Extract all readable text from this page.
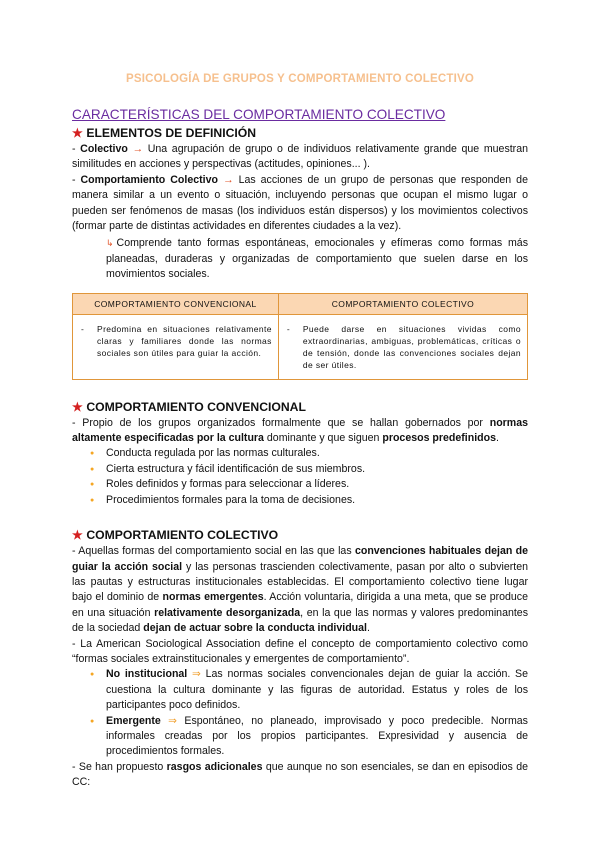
PSICOLOGÍA DE GRUPOS Y COMPORTAMIENTO COLECTIVO
CARACTERÍSTICAS DEL COMPORTAMIENTO COLECTIVO
★ ELEMENTOS DE DEFINICIÓN

- Colectivo → Una agrupación de grupo o de individuos relativamente grande que muestran similitudes en acciones y perspectivas (actitudes, opiniones... ).

- Comportamiento Colectivo → Las acciones de un grupo de personas que responden de manera similar a un evento o situación, incluyendo personas que ocupan el mismo lugar o pueden ser fenómenos de masas (los individuos están dispersos) y los movimientos colectivos (formar parte de distintas actividades en diferentes ciudades a la vez).

↳ Comprende tanto formas espontáneas, emocionales y efímeras como formas más planeadas, duraderas y organizadas de comportamiento que suelen darse en los movimientos sociales.

COMPORTAMIENTO CONVENCIONAL	COMPORTAMIENTO COLECTIVO

- Predomina en situaciones relativamente claras y familiares donde las normas sociales son útiles para guiar la acción.	- Puede darse en situaciones vividas como extraordinarias, ambiguas, problemáticas, críticas o de tensión, donde las convenciones sociales dejan de ser útiles.
★ COMPORTAMIENTO CONVENCIONAL

- Propio de los grupos organizados formalmente que se hallan gobernados por normas altamente especificadas por la cultura dominante y que siguen procesos predefinidos.

● Conducta regulada por las normas culturales.
● Cierta estructura y fácil identificación de sus miembros.
● Roles definidos y formas para seleccionar a líderes.
● Procedimientos formales para la toma de decisiones.
★ COMPORTAMIENTO COLECTIVO

- Aquellas formas del comportamiento social en las que las convenciones habituales dejan de guiar la acción social y las personas trascienden colectivamente, pasan por alto o subvierten las pautas y estructuras institucionales establecidas. El comportamiento colectivo tiene lugar bajo el dominio de normas emergentes. Acción voluntaria, dirigida a una meta, que se produce en una situación relativamente desorganizada, en la que las normas y valores predominantes de la sociedad dejan de actuar sobre la conducta individual.

- La American Sociological Association define el concepto de comportamiento colectivo como “formas sociales extrainstitucionales y emergentes de comportamiento”.

● No institucional ⇒ Las normas sociales convencionales dejan de guiar la acción. Se cuestiona la cultura dominante y las figuras de autoridad. Estatus y roles de los participantes poco definidos.
● Emergente ⇒ Espontáneo, no planeado, improvisado y poco predecible. Normas informales creadas por los propios participantes. Expresividad y ausencia de procedimientos formales.

- Se han propuesto rasgos adicionales que aunque no son esenciales, se dan en episodios de CC:
